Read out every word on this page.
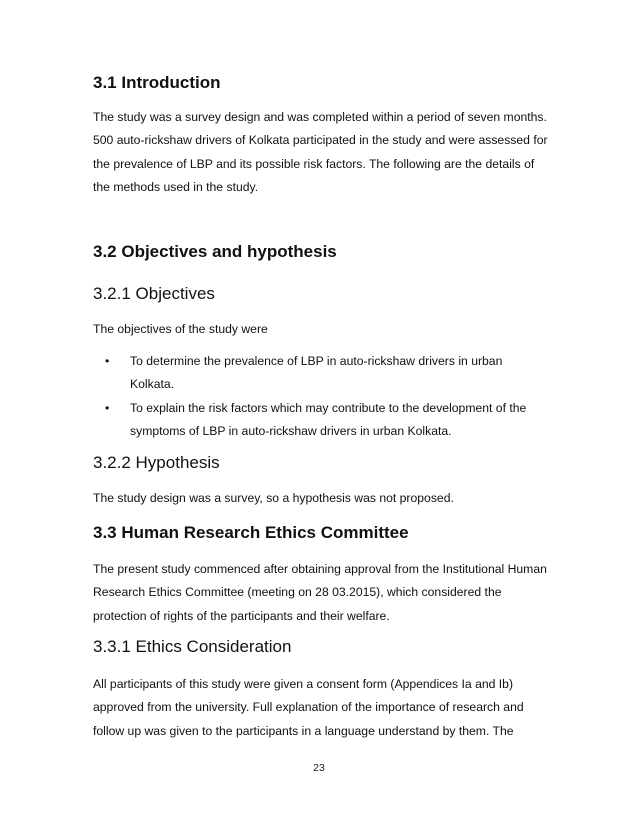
3.1 Introduction

The study was a survey design and was completed within a period of seven months.
500 auto-rickshaw drivers of Kolkata participated in the study and were assessed for
the prevalence of LBP and its possible risk factors. The following are the details of
the methods used in the study.

3.2 Objectives and hypothesis
3.2.1 Objectives

The objectives of the study were

• To determine the prevalence of LBP in auto-rickshaw drivers in urban
Kolkata.
• To explain the risk factors which may contribute to the development of the
symptoms of LBP in auto-rickshaw drivers in urban Kolkata.
3.2.2 Hypothesis

The study design was a survey, so a hypothesis was not proposed.

3.3 Human Research Ethics Committee

The present study commenced after obtaining approval from the Institutional Human
Research Ethics Committee (meeting on 28 03.2015), which considered the
protection of rights of the participants and their welfare.

3.3.1 Ethics Consideration

All participants of this study were given a consent form (Appendices Ia and Ib)
approved from the university. Full explanation of the importance of research and
follow up was given to the participants in a language understand by them. The

23
